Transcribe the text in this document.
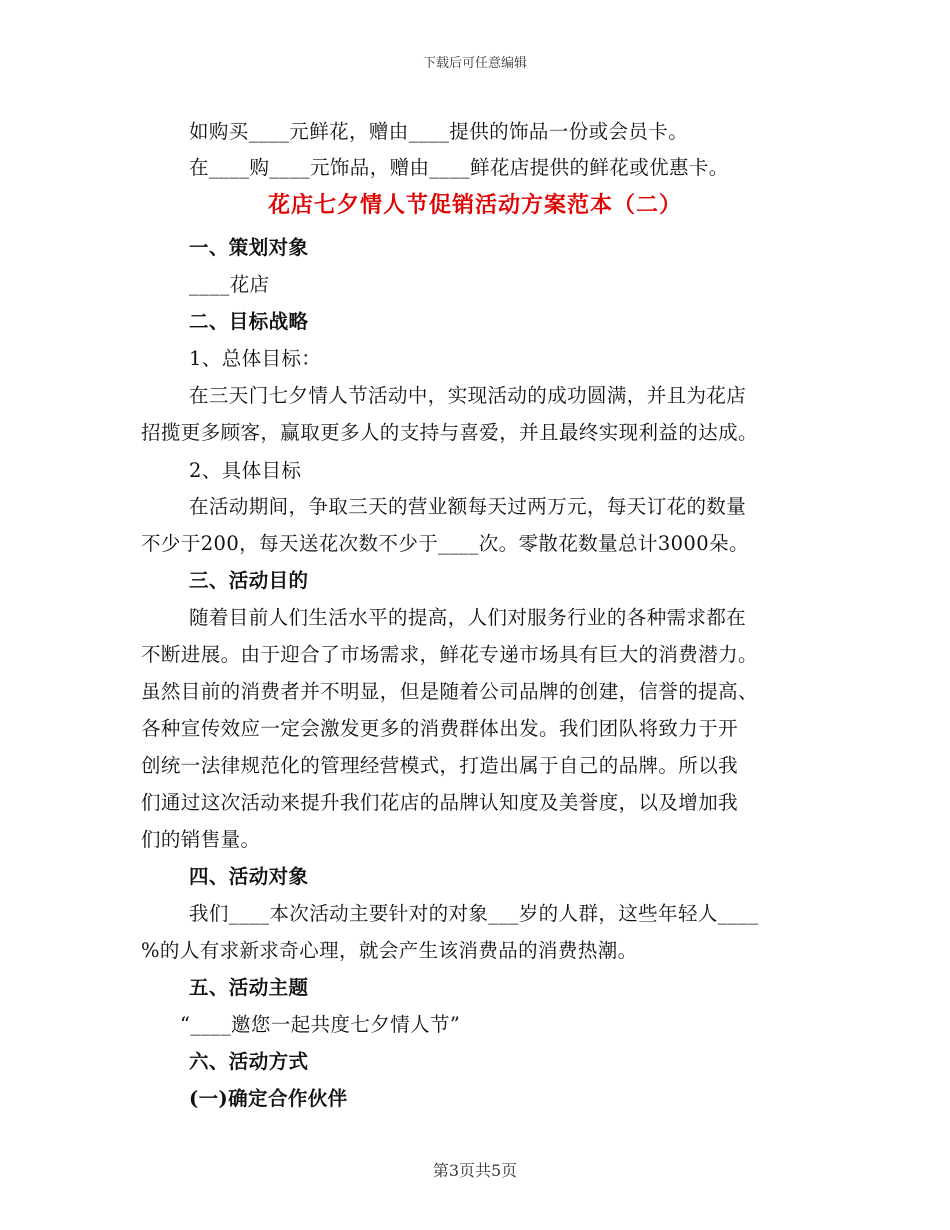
下载后可任意编辑
如购买____元鲜花，赠由____提供的饰品一份或会员卡。
在____购____元饰品，赠由____鲜花店提供的鲜花或优惠卡。
花店七夕情人节促销活动方案范本（二）
一、策划对象
____花店
二、目标战略
1、总体目标：
在三天门七夕情人节活动中，实现活动的成功圆满，并且为花店
招揽更多顾客，赢取更多人的支持与喜爱，并且最终实现利益的达成。
2、具体目标
在活动期间，争取三天的营业额每天过两万元，每天订花的数量
不少于200，每天送花次数不少于____次。零散花数量总计3000朵。
三、活动目的
随着目前人们生活水平的提高，人们对服务行业的各种需求都在
不断进展。由于迎合了市场需求，鲜花专递市场具有巨大的消费潜力。
虽然目前的消费者并不明显，但是随着公司品牌的创建，信誉的提高、
各种宣传效应一定会激发更多的消费群体出发。我们团队将致力于开
创统一法律规范化的管理经营模式，打造出属于自己的品牌。所以我
们通过这次活动来提升我们花店的品牌认知度及美誉度，以及增加我
们的销售量。
四、活动对象
我们____本次活动主要针对的对象___岁的人群，这些年轻人____
%的人有求新求奇心理，就会产生该消费品的消费热潮。
五、活动主题
“____邀您一起共度七夕情人节”
六、活动方式
(一)确定合作伙伴
第3页共5页
